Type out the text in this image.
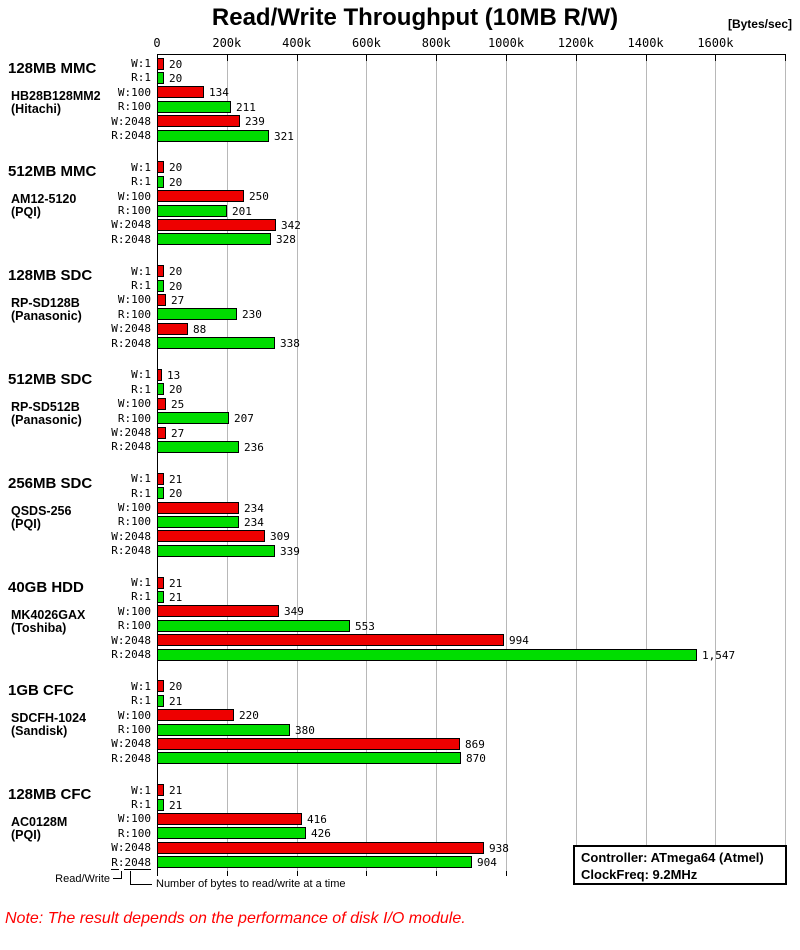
Read/Write Throughput (10MB R/W)	[Bytes/sec]
0	200k	400k	600k	800k	1000k	1200k	1400k	1600k
W:1 20
R:1 20
W:100	134
R:100	211
W:2048	239
R:2048	321
W:1 20
R:1 20
W:100	250
R:100	201
W:2048	342
R:2048	328
W:1 20
R:1 20
W:100 27
R:100	230
W:2048	88
R:2048	338
W:1 13
R:1 20
W:100 25
R:100	207
W:2048 27
R:2048	236
W:1 21
R:1 20
W:100	234
R:100	234
W:2048	309
R:2048	339
W:1 21
R:1 21
W:100	349
R:100	553
W:2048	994
R:2048	1,547
W:1 20
R:1 21
W:100	220
R:100	380
W:2048	869
R:2048	870
W:1 21
R:1 21
W:100	416
R:100	426
W:2048	938
R:2048	904
128MB MMC
HB28B128MM2
(Hitachi)
512MB MMC
AM12-5120
(PQI)
128MB SDC
RP-SD128B
(Panasonic)
512MB SDC
RP-SD512B
(Panasonic)
256MB SDC
QSDS-256
(PQI)
40GB HDD
MK4026GAX
(Toshiba)
1GB CFC
SDCFH-1024
(Sandisk)
128MB CFC
AC0128M
(PQI)
Controller: ATmega64 (Atmel)
ClockFreq: 9.2MHz
Read/Write	Number of bytes to read/write at a time
Note: The result depends on the performance of disk I/O module.
